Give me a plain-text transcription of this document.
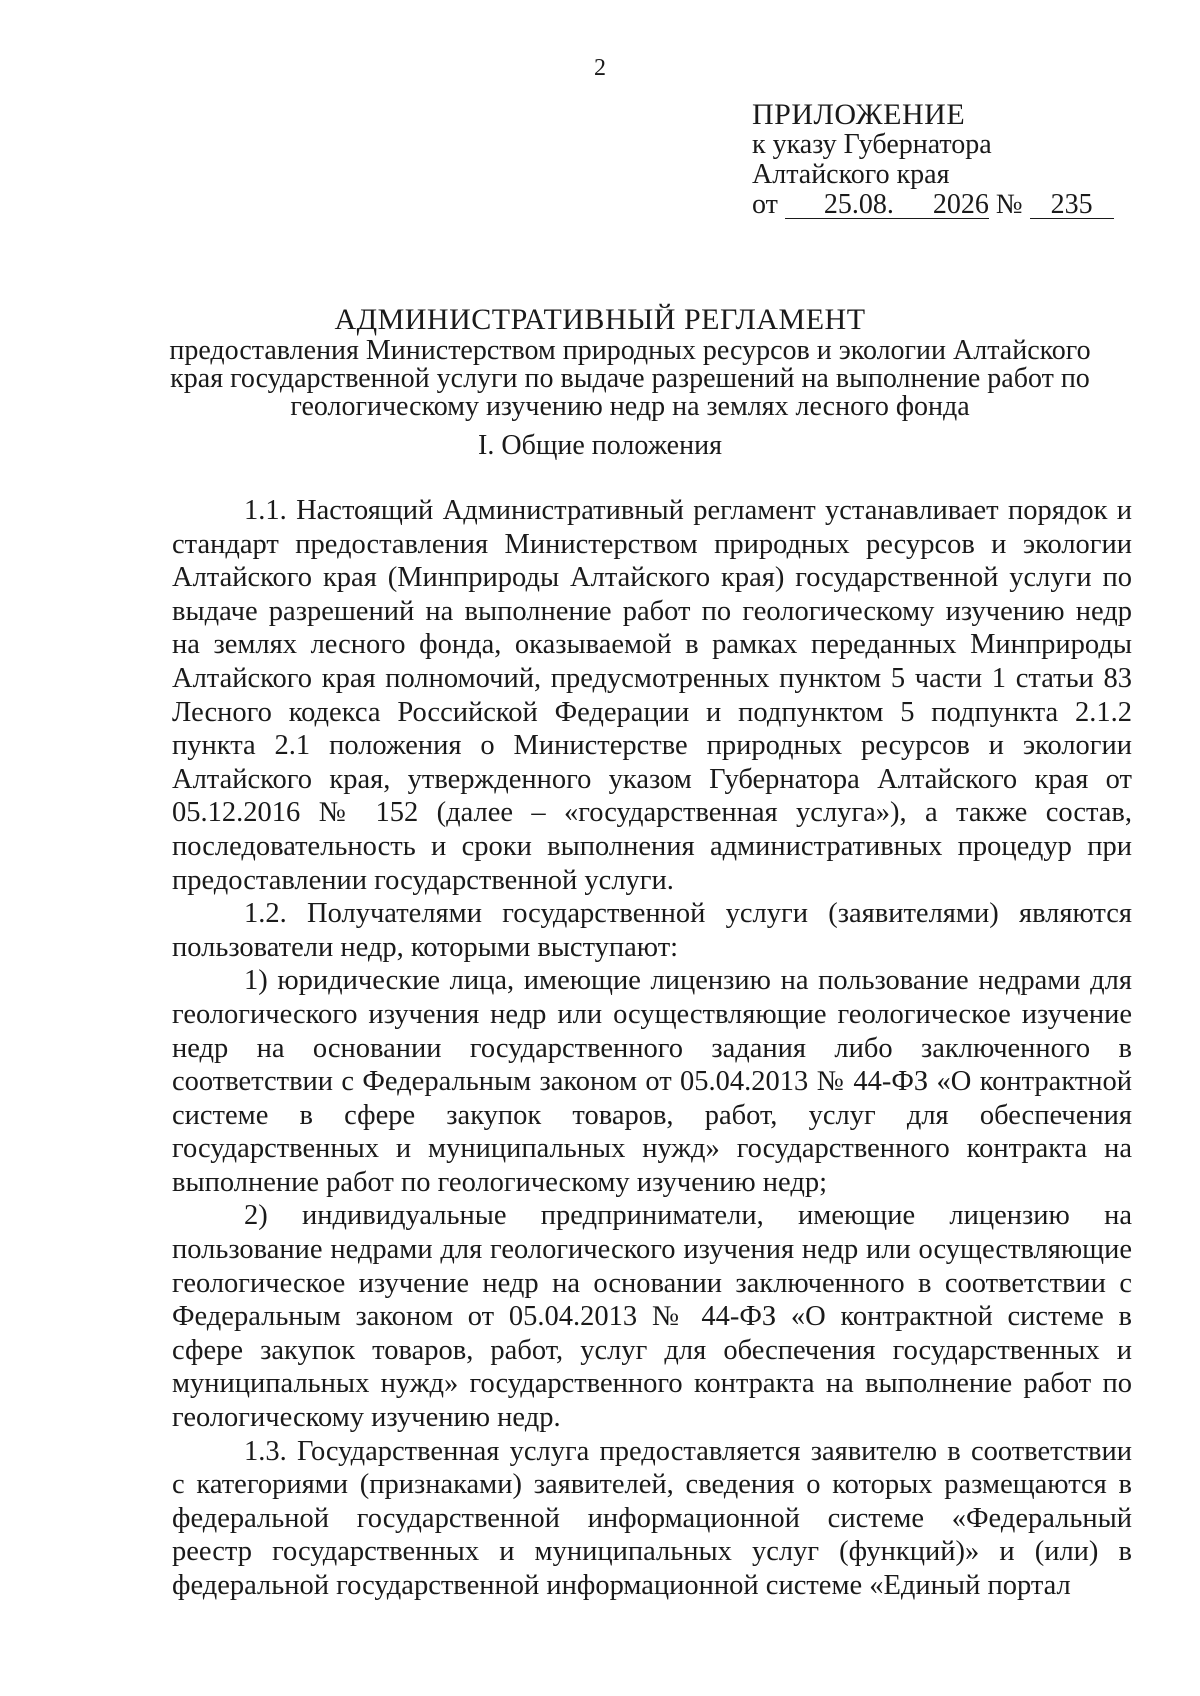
2
ПРИЛОЖЕНИЕ
к указу Губернатора
Алтайского края
от 25.08. 2026 № 235
АДМИНИСТРАТИВНЫЙ РЕГЛАМЕНТ
предоставления Министерством природных ресурсов и экологии Алтайского края государственной услуги по выдаче разрешений на выполнение работ по геологическому изучению недр на землях лесного фонда
I. Общие положения

1.1. Настоящий Административный регламент устанавливает порядок и стандарт предоставления Министерством природных ресурсов и экологии Алтайского края (Минприроды Алтайского края) государственной услуги по выдаче разрешений на выполнение работ по геологическому изучению недр на землях лесного фонда, оказываемой в рамках переданных Минприроды Алтайского края полномочий, предусмотренных пунктом 5 части 1 статьи 83 Лесного кодекса Российской Федерации и подпунктом 5 подпункта 2.1.2 пункта 2.1 положения о Министерстве природных ресурсов и экологии Алтайского края, утвержденного указом Губернатора Алтайского края от 05.12.2016 № 152 (далее – «государственная услуга»), а также состав, последовательность и сроки выполнения административных процедур при предоставлении государственной услуги.

1.2. Получателями государственной услуги (заявителями) являются пользователи недр, которыми выступают:

1) юридические лица, имеющие лицензию на пользование недрами для геологического изучения недр или осуществляющие геологическое изучение недр на основании государственного задания либо заключенного в соответствии с Федеральным законом от 05.04.2013 № 44-ФЗ «О контрактной системе в сфере закупок товаров, работ, услуг для обеспечения государственных и муниципальных нужд» государственного контракта на выполнение работ по геологическому изучению недр;

2) индивидуальные предприниматели, имеющие лицензию на пользование недрами для геологического изучения недр или осуществляющие геологическое изучение недр на основании заключенного в соответствии с Федеральным законом от 05.04.2013 № 44-ФЗ «О контрактной системе в сфере закупок товаров, работ, услуг для обеспечения государственных и муниципальных нужд» государственного контракта на выполнение работ по геологическому изучению недр.

1.3. Государственная услуга предоставляется заявителю в соответствии с категориями (признаками) заявителей, сведения о которых размещаются в федеральной государственной информационной системе «Федеральный реестр государственных и муниципальных услуг (функций)» и (или) в федеральной государственной информационной системе «Единый портал
